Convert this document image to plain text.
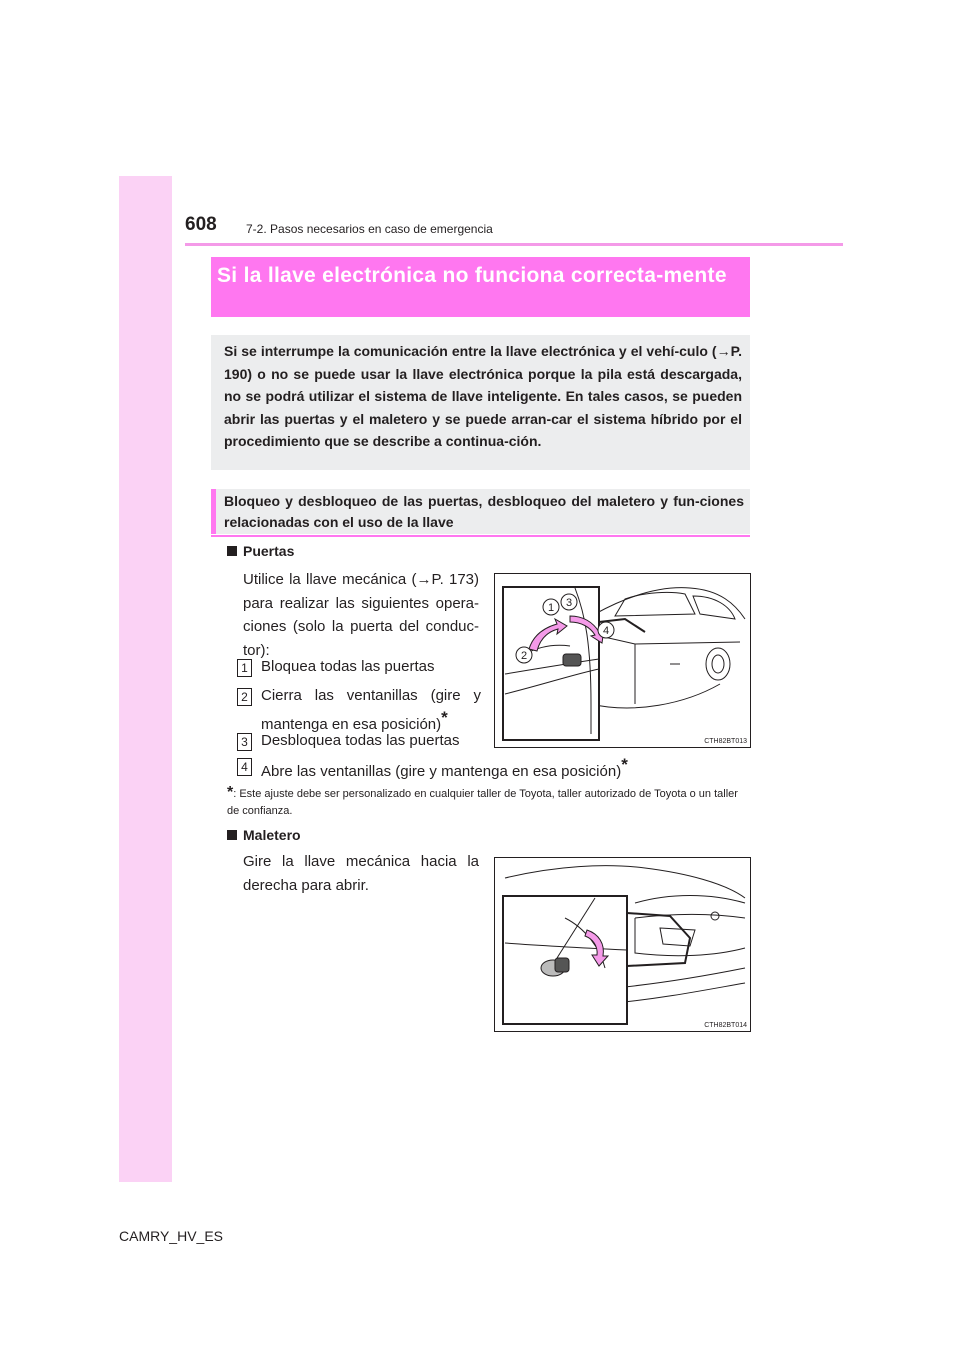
608 7-2. Pasos necesarios en caso de emergencia
Si la llave electrónica no funciona correcta-mente
Si se interrumpe la comunicación entre la llave electrónica y el vehí-culo (→P. 190) o no se puede usar la llave electrónica porque la pila está descargada, no se podrá utilizar el sistema de llave inteligente. En tales casos, se pueden abrir las puertas y el maletero y se puede arran-car el sistema híbrido por el procedimiento que se describe a continua-ción.
Bloqueo y desbloqueo de las puertas, desbloqueo del maletero y fun-ciones relacionadas con el uso de la llave
Puertas
Utilice la llave mecánica (→P. 173) para realizar las siguientes opera-ciones (solo la puerta del conduc-tor):
1 Bloquea todas las puertas
2 Cierra las ventanillas (gire y mantenga en esa posición)*
3 Desbloquea todas las puertas
4 Abre las ventanillas (gire y mantenga en esa posición)*
*: Este ajuste debe ser personalizado en cualquier taller de Toyota, taller autorizado de Toyota o un taller de confianza.
1 3
4
2
CTH82BT013
Maletero
Gire la llave mecánica hacia la derecha para abrir.
CTH82BT014
CAMRY_HV_ES
